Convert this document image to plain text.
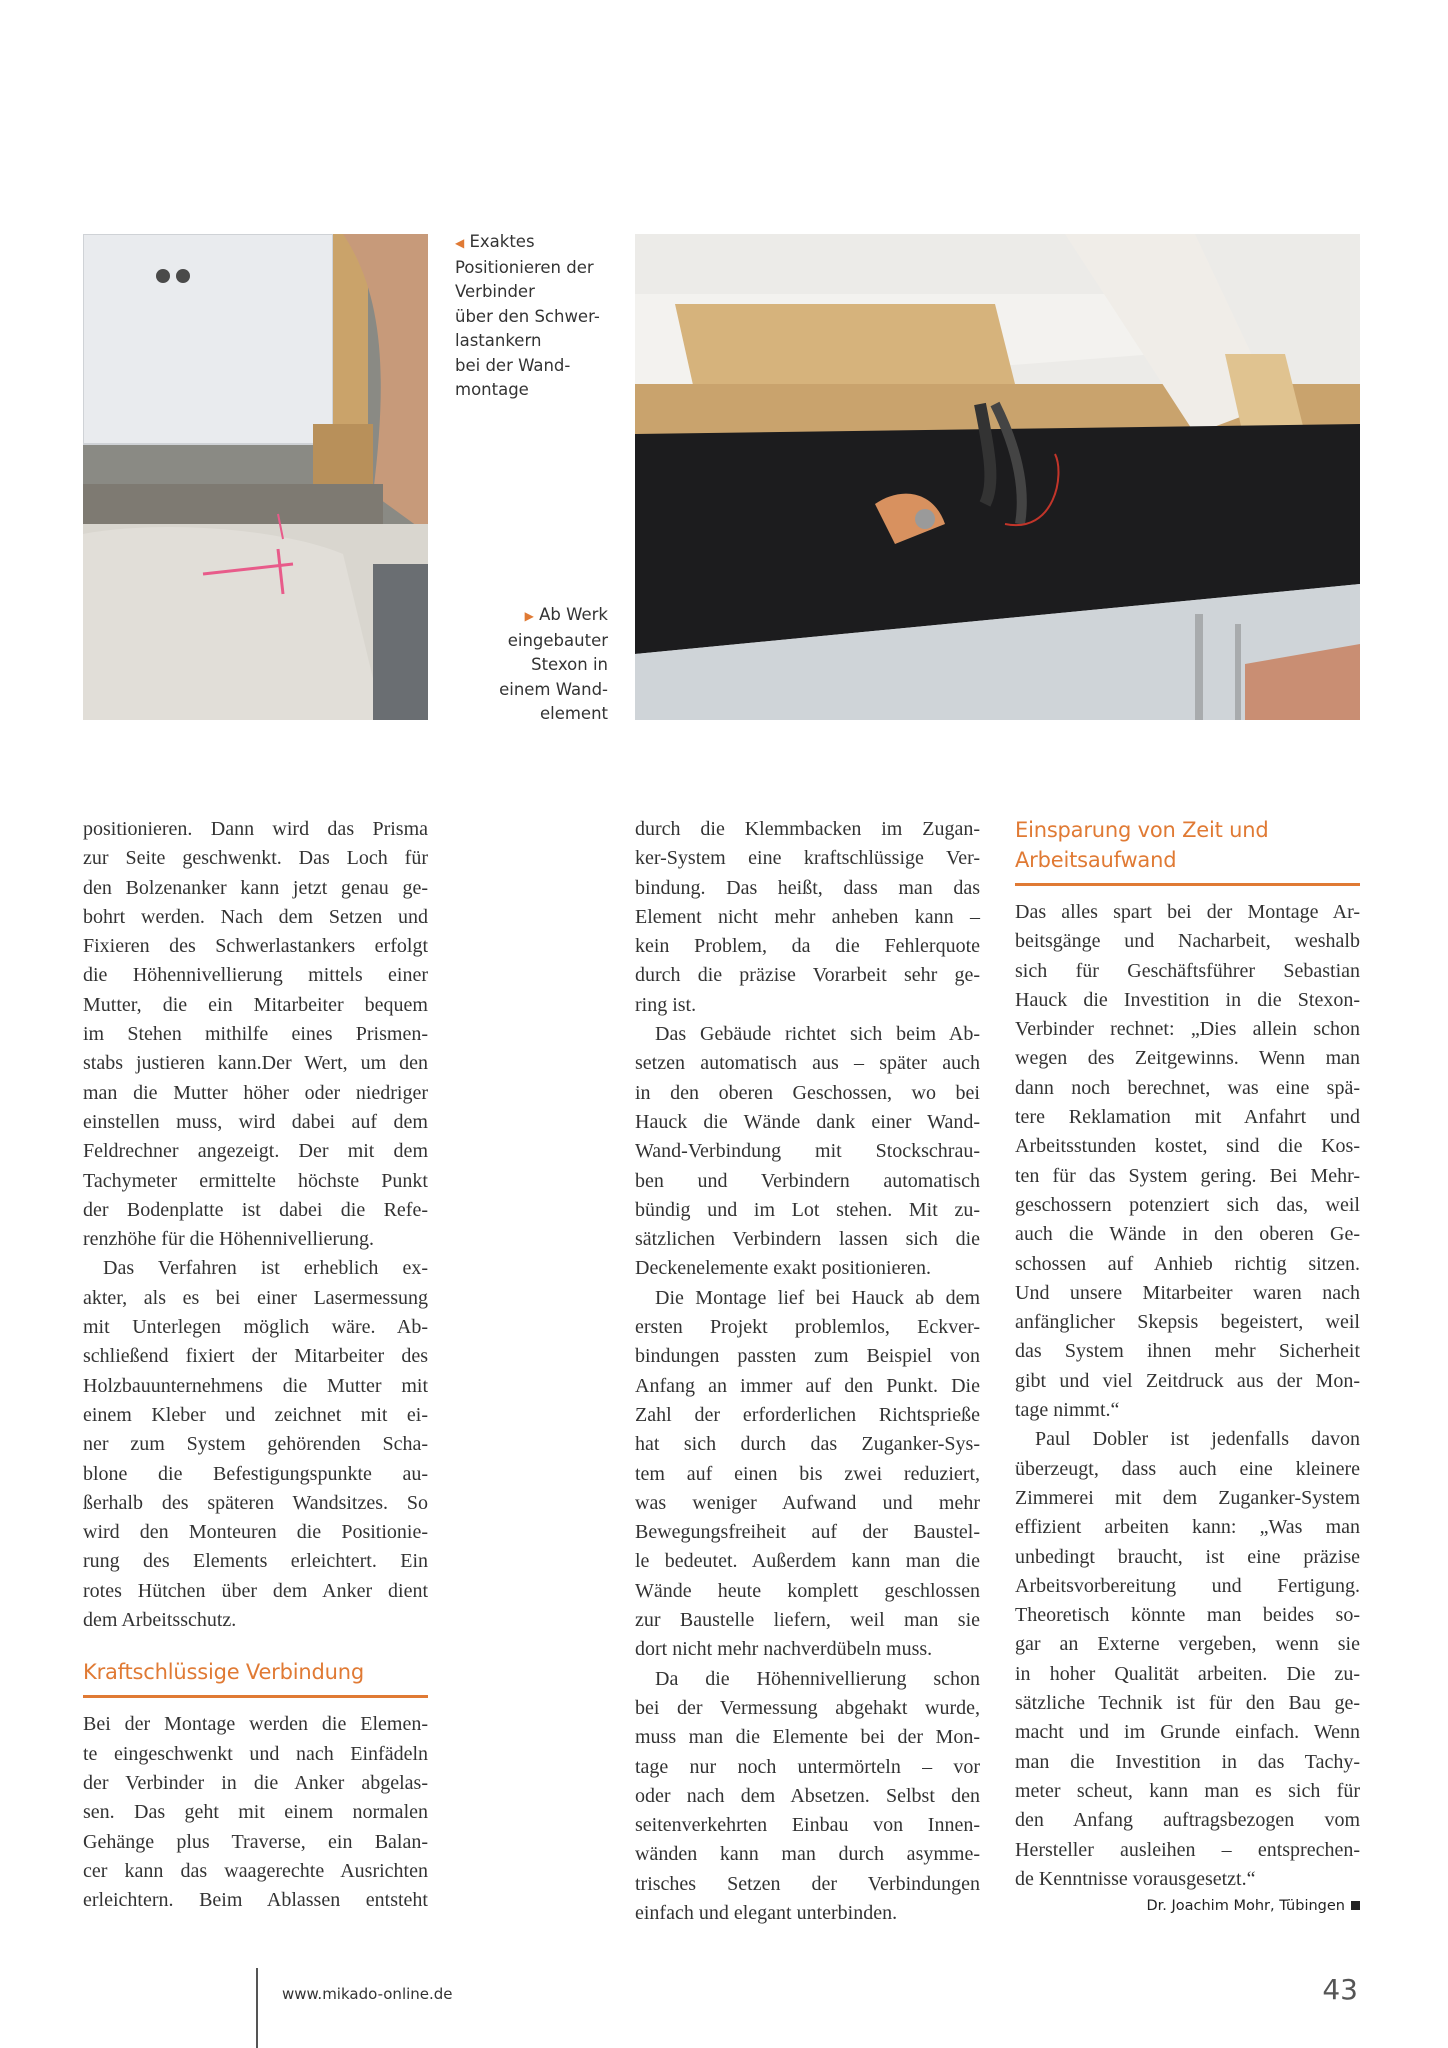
◀ Exaktes
Positionieren der
Verbinder
über den Schwer-
lastankern
bei der Wand-
montage
▶ Ab Werk
eingebauter
Stexon in
einem Wand-
element
positionieren. Dann wird das Prisma
zur Seite geschwenkt. Das Loch für
den Bolzenanker kann jetzt genau ge-
bohrt werden. Nach dem Setzen und
Fixieren des Schwerlastankers erfolgt
die Höhennivellierung mittels einer
Mutter, die ein Mitarbeiter bequem
im Stehen mithilfe eines Prismen-
stabs justieren kann.Der Wert, um den
man die Mutter höher oder niedriger
einstellen muss, wird dabei auf dem
Feldrechner angezeigt. Der mit dem
Tachymeter ermittelte höchste Punkt
der Bodenplatte ist dabei die Refe-
renzhöhe für die Höhennivellierung.
Das Verfahren ist erheblich ex-
akter, als es bei einer Lasermessung
mit Unterlegen möglich wäre. Ab-
schließend fixiert der Mitarbeiter des
Holzbauunternehmens die Mutter mit
einem Kleber und zeichnet mit ei-
ner zum System gehörenden Scha-
blone die Befestigungspunkte au-
ßerhalb des späteren Wandsitzes. So
wird den Monteuren die Positionie-
rung des Elements erleichtert. Ein
rotes Hütchen über dem Anker dient
dem Arbeitsschutz.
Kraftschlüssige Verbindung
Bei der Montage werden die Elemen-
te eingeschwenkt und nach Einfädeln
der Verbinder in die Anker abgelas-
sen. Das geht mit einem normalen
Gehänge plus Traverse, ein Balan-
cer kann das waagerechte Ausrichten
erleichtern. Beim Ablassen entsteht
durch die Klemmbacken im Zugan-
ker-System eine kraftschlüssige Ver-
bindung. Das heißt, dass man das
Element nicht mehr anheben kann –
kein Problem, da die Fehlerquote
durch die präzise Vorarbeit sehr ge-
ring ist.
Das Gebäude richtet sich beim Ab-
setzen automatisch aus – später auch
in den oberen Geschossen, wo bei
Hauck die Wände dank einer Wand-
Wand-Verbindung mit Stockschrau-
ben und Verbindern automatisch
bündig und im Lot stehen. Mit zu-
sätzlichen Verbindern lassen sich die
Deckenelemente exakt positionieren.
Die Montage lief bei Hauck ab dem
ersten Projekt problemlos, Eckver-
bindungen passten zum Beispiel von
Anfang an immer auf den Punkt. Die
Zahl der erforderlichen Richtsprieße
hat sich durch das Zuganker-Sys-
tem auf einen bis zwei reduziert,
was weniger Aufwand und mehr
Bewegungsfreiheit auf der Baustel-
le bedeutet. Außerdem kann man die
Wände heute komplett geschlossen
zur Baustelle liefern, weil man sie
dort nicht mehr nachverdübeln muss.
Da die Höhennivellierung schon
bei der Vermessung abgehakt wurde,
muss man die Elemente bei der Mon-
tage nur noch untermörteln – vor
oder nach dem Absetzen. Selbst den
seitenverkehrten Einbau von Innen-
wänden kann man durch asymme-
trisches Setzen der Verbindungen
einfach und elegant unterbinden.
Einsparung von Zeit und
Arbeitsaufwand
Das alles spart bei der Montage Ar-
beitsgänge und Nacharbeit, weshalb
sich für Geschäftsführer Sebastian
Hauck die Investition in die Stexon-
Verbinder rechnet: „Dies allein schon
wegen des Zeitgewinns. Wenn man
dann noch berechnet, was eine spä-
tere Reklamation mit Anfahrt und
Arbeitsstunden kostet, sind die Kos-
ten für das System gering. Bei Mehr-
geschossern potenziert sich das, weil
auch die Wände in den oberen Ge-
schossen auf Anhieb richtig sitzen.
Und unsere Mitarbeiter waren nach
anfänglicher Skepsis begeistert, weil
das System ihnen mehr Sicherheit
gibt und viel Zeitdruck aus der Mon-
tage nimmt.“
Paul Dobler ist jedenfalls davon
überzeugt, dass auch eine kleinere
Zimmerei mit dem Zuganker-System
effizient arbeiten kann: „Was man
unbedingt braucht, ist eine präzise
Arbeitsvorbereitung und Fertigung.
Theoretisch könnte man beides so-
gar an Externe vergeben, wenn sie
in hoher Qualität arbeiten. Die zu-
sätzliche Technik ist für den Bau ge-
macht und im Grunde einfach. Wenn
man die Investition in das Tachy-
meter scheut, kann man es sich für
den Anfang auftragsbezogen vom
Hersteller ausleihen – entsprechen-
de Kenntnisse vorausgesetzt.“
Dr. Joachim Mohr, Tübingen
www.mikado-online.de	43
